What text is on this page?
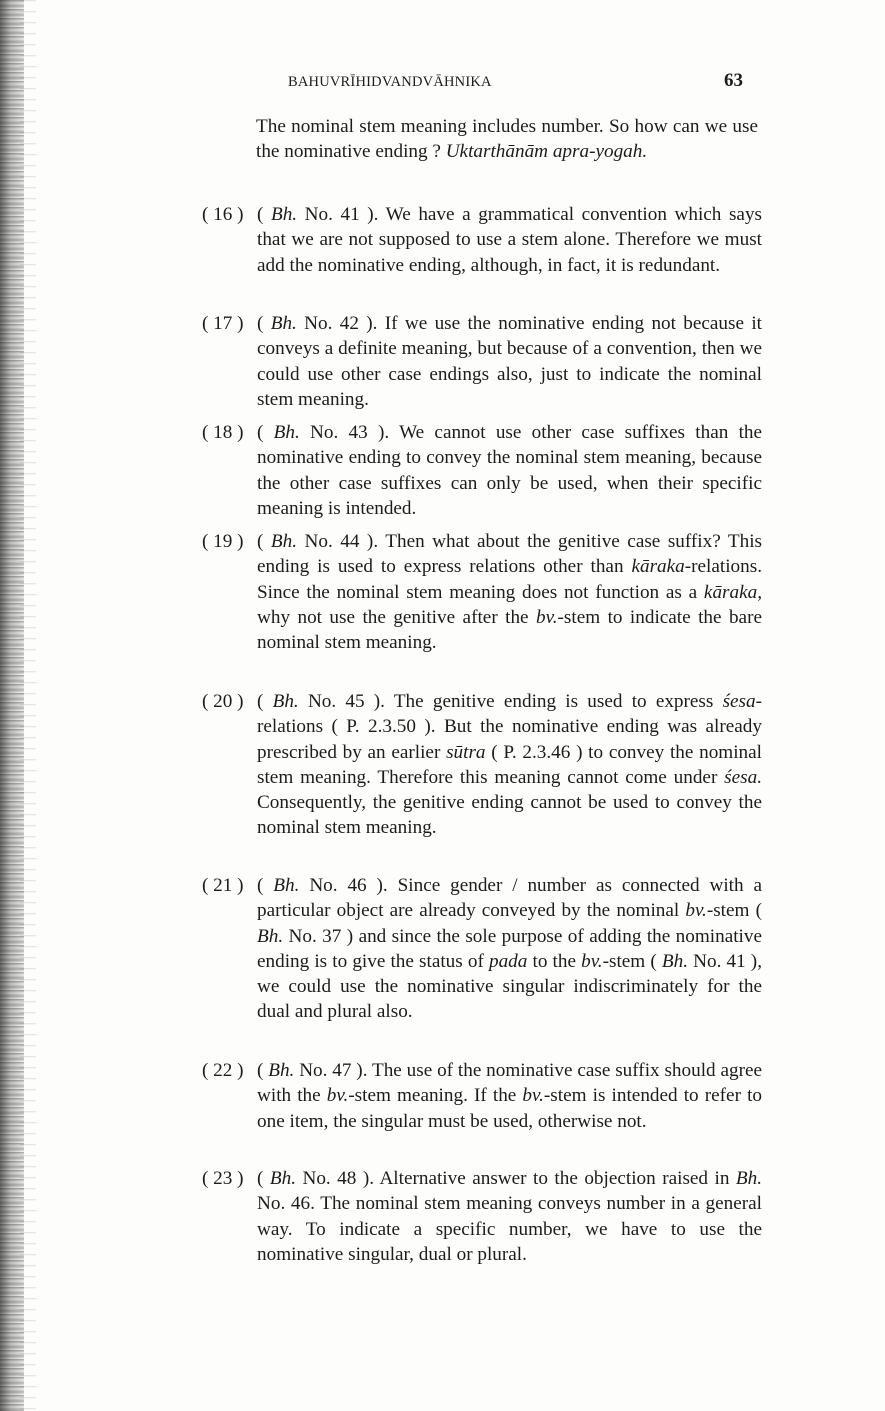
BAHUVRĪHIDVANDVĀHNIKA	63
The nominal stem meaning includes number. So how can we use the nominative ending ? Uktarthānām apra-yogah.
( 16 ) ( Bh. No. 41 ). We have a grammatical convention which says that we are not supposed to use a stem alone. Therefore we must add the nominative ending, although, in fact, it is redundant.
( 17 ) ( Bh. No. 42 ). If we use the nominative ending not because it conveys a definite meaning, but because of a convention, then we could use other case endings also, just to indicate the nominal stem meaning.
( 18 ) ( Bh. No. 43 ). We cannot use other case suffixes than the nominative ending to convey the nominal stem meaning, because the other case suffixes can only be used, when their specific meaning is intended.
( 19 ) ( Bh. No. 44 ). Then what about the genitive case suffix? This ending is used to express relations other than kāraka-relations. Since the nominal stem meaning does not function as a kāraka, why not use the genitive after the bv.-stem to indicate the bare nominal stem meaning.
( 20 ) ( Bh. No. 45 ). The genitive ending is used to express śesa-relations ( P. 2.3.50 ). But the nominative ending was already prescribed by an earlier sūtra ( P. 2.3.46 ) to convey the nominal stem meaning. Therefore this meaning cannot come under śesa. Consequently, the genitive ending cannot be used to convey the nominal stem meaning.
( 21 ) ( Bh. No. 46 ). Since gender / number as connected with a particular object are already conveyed by the nominal bv.-stem ( Bh. No. 37 ) and since the sole purpose of adding the nominative ending is to give the status of pada to the bv.-stem ( Bh. No. 41 ), we could use the nominative singular indiscriminately for the dual and plural also.
( 22 ) ( Bh. No. 47 ). The use of the nominative case suffix should agree with the bv.-stem meaning. If the bv.-stem is intended to refer to one item, the singular must be used, otherwise not.
( 23 ) ( Bh. No. 48 ). Alternative answer to the objection raised in Bh. No. 46. The nominal stem meaning conveys number in a general way. To indicate a specific number, we have to use the nominative singular, dual or plural.
